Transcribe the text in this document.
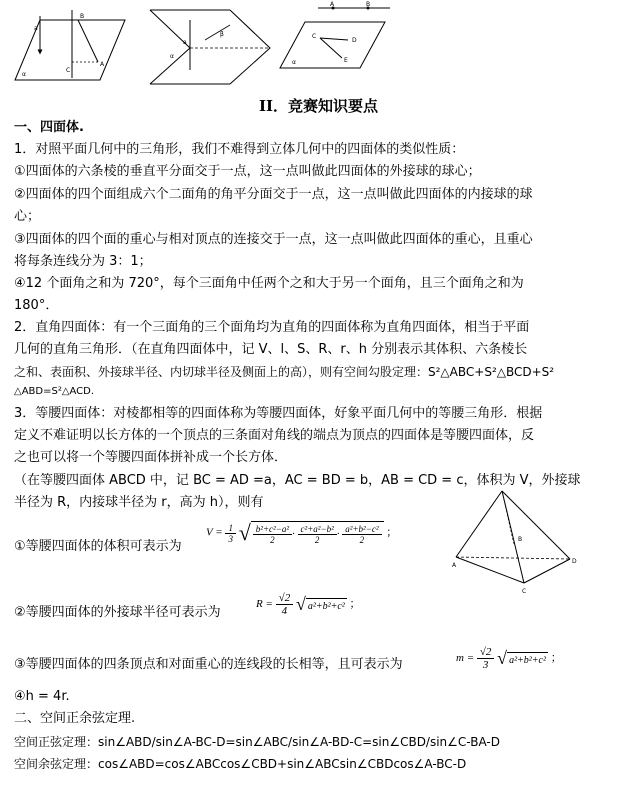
B
a
C
A
α
a
α
β
A	B
C
D
E
α
II．竞赛知识要点
一、四面体.
1．对照平面几何中的三角形，我们不难得到立体几何中的四面体的类似性质：
①四面体的六条棱的垂直平分面交于一点，这一点叫做此四面体的外接球的球心；
②四面体的四个面组成六个二面角的角平分面交于一点，这一点叫做此四面体的内接球的球
心；
③四面体的四个面的重心与相对顶点的连接交于一点，这一点叫做此四面体的重心，且重心
将每条连线分为 3：1；
④12 个面角之和为 720°，每个三面角中任两个之和大于另一个面角，且三个面角之和为
180°．
2．直角四面体：有一个三面角的三个面角均为直角的四面体称为直角四面体，相当于平面
几何的直角三角形．（在直角四面体中，记 V、l、S、R、r、h 分别表示其体积、六条棱长
之和、表面积、外接球半径、内切球半径及侧面上的高），则有空间勾股定理：S²△ABC+S²△BCD+S²
△ABD=S²△ACD.
3．等腰四面体：对棱都相等的四面体称为等腰四面体，好象平面几何中的等腰三角形．根据
定义不难证明以长方体的一个顶点的三条面对角线的端点为顶点的四面体是等腰四面体，反
之也可以将一个等腰四面体拼补成一个长方体．
（在等腰四面体 ABCD 中，记 BC = AD =a，AC = BD = b，AB = CD = c，体积为 V，外接球
半径为 R，内接球半径为 r，高为 h），则有
A
B
C
D
①等腰四面体的体积可表示为
$V = \frac{1}{3}$ √ $\frac{\text{b²+c²−a²}}{2} \cdot \frac{\text{c²+a²−b²}}{2} \cdot \frac{\text{a²+b²−c²}}{2}$ ；
②等腰四面体的外接球半径可表示为
$R = \frac{√2}{4}$ √ a²+b²+c² ；
③等腰四面体的四条顶点和对面重心的连线段的长相等，且可表示为	$m = \frac{√2}{3}$ √ a²+b²+c² ；
④h = 4r.
二、空间正余弦定理.
空间正弦定理：sin∠ABD/sin∠A-BC-D=sin∠ABC/sin∠A-BD-C=sin∠CBD/sin∠C-BA-D
空间余弦定理：cos∠ABD=cos∠ABCcos∠CBD+sin∠ABCsin∠CBDcos∠A-BC-D
